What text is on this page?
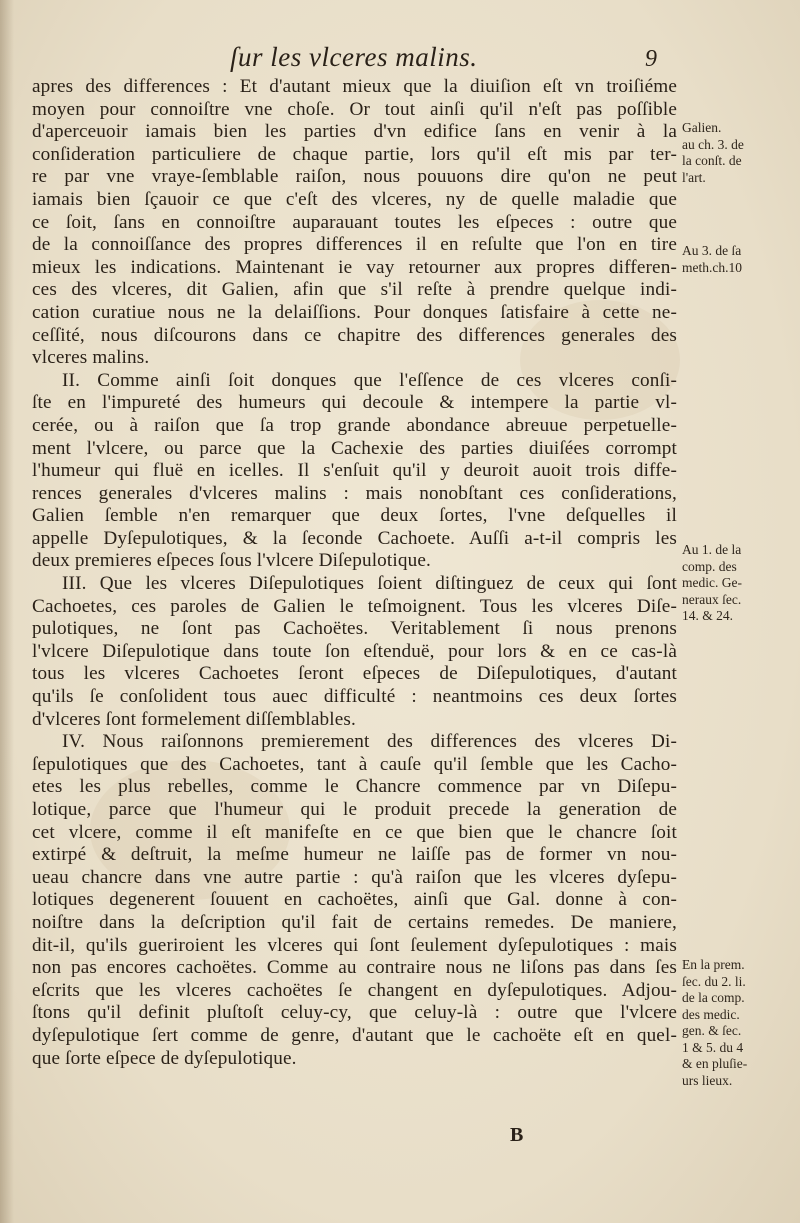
ſur les vlceres malins.	9
apres des differences : Et d'autant mieux que la diuiſion eſt vn troiſiéme
moyen pour connoiſtre vne choſe. Or tout ainſi qu'il n'eſt pas poſſible
d'aperceuoir iamais bien les parties d'vn edifice ſans en venir à la
conſideration particuliere de chaque partie, lors qu'il eſt mis par ter-
re par vne vraye-ſemblable raiſon, nous pouuons dire qu'on ne peut
iamais bien ſçauoir ce que c'eſt des vlceres, ny de quelle maladie que
ce ſoit, ſans en connoiſtre auparauant toutes les eſpeces : outre que
de la connoiſſance des propres differences il en reſulte que l'on en tire
mieux les indications. Maintenant ie vay retourner aux propres differen-
ces des vlceres, dit Galien, afin que s'il reſte à prendre quelque indi-
cation curatiue nous ne la delaiſſions. Pour donques ſatisfaire à cette ne-
ceſſité, nous diſcourons dans ce chapitre des differences generales des
vlceres malins.
II. Comme ainſi ſoit donques que l'eſſence de ces vlceres conſi-
ſte en l'impureté des humeurs qui decoule & intempere la partie vl-
cerée, ou à raiſon que ſa trop grande abondance abreuue perpetuelle-
ment l'vlcere, ou parce que la Cachexie des parties diuiſées corrompt
l'humeur qui fluë en icelles. Il s'enſuit qu'il y deuroit auoit trois diffe-
rences generales d'vlceres malins : mais nonobſtant ces conſiderations,
Galien ſemble n'en remarquer que deux ſortes, l'vne deſquelles il
appelle Dyſepulotiques, & la ſeconde Cachoete. Auſſi a-t-il compris les
deux premieres eſpeces ſous l'vlcere Diſepulotique.
III. Que les vlceres Diſepulotiques ſoient diſtinguez de ceux qui ſont
Cachoetes, ces paroles de Galien le teſmoignent. Tous les vlceres Diſe-
pulotiques, ne ſont pas Cachoëtes. Veritablement ſi nous prenons
l'vlcere Diſepulotique dans toute ſon eſtenduë, pour lors & en ce cas-là
tous les vlceres Cachoetes ſeront eſpeces de Diſepulotiques, d'autant
qu'ils ſe conſolident tous auec difficulté : neantmoins ces deux ſortes
d'vlceres ſont formelement diſſemblables.
IV. Nous raiſonnons premierement des differences des vlceres Di-
ſepulotiques que des Cachoetes, tant à cauſe qu'il ſemble que les Cacho-
etes les plus rebelles, comme le Chancre commence par vn Diſepu-
lotique, parce que l'humeur qui le produit precede la generation de
cet vlcere, comme il eſt manifeſte en ce que bien que le chancre ſoit
extirpé & deſtruit, la meſme humeur ne laiſſe pas de former vn nou-
ueau chancre dans vne autre partie : qu'à raiſon que les vlceres dyſepu-
lotiques degenerent ſouuent en cachoëtes, ainſi que Gal. donne à con-
noiſtre dans la deſcription qu'il fait de certains remedes. De maniere,
dit-il, qu'ils gueriroient les vlceres qui ſont ſeulement dyſepulotiques : mais
non pas encores cachoëtes. Comme au contraire nous ne liſons pas dans ſes
eſcrits que les vlceres cachoëtes ſe changent en dyſepulotiques. Adjou-
ſtons qu'il definit pluſtoſt celuy-cy, que celuy-là : outre que l'vlcere
dyſepulotique ſert comme de genre, d'autant que le cachoëte eſt en quel-
que ſorte eſpece de dyſepulotique.
B
Galien.
au ch. 3. de
la conſt. de
l'art.
Au 3. de ſa
meth.ch.10
Au 1. de la
comp. des
medic. Ge-
neraux ſec.
14. & 24.
En la prem.
ſec. du 2. li.
de la comp.
des medic.
gen. & ſec.
1 & 5. du 4
& en pluſie-
urs lieux.
